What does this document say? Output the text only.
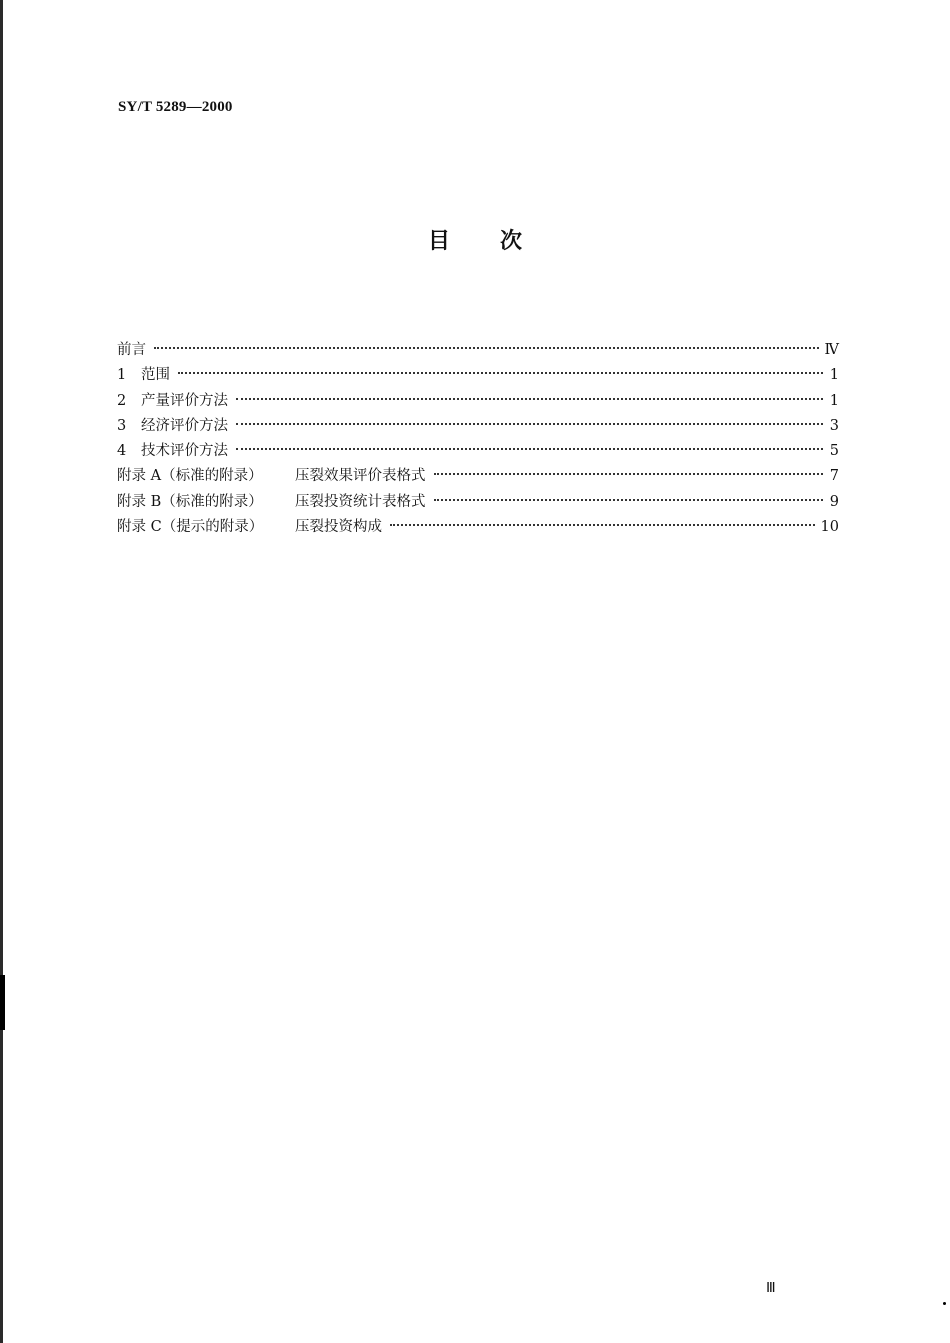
SY/T 5289—2000
目次
前言	Ⅳ
1	范围	1
2	产量评价方法	1
3	经济评价方法	3
4	技术评价方法	5
附录 A（标准的附录）	压裂效果评价表格式	7
附录 B（标准的附录）	压裂投资统计表格式	9
附录 C（提示的附录）	压裂投资构成	10
Ⅲ
